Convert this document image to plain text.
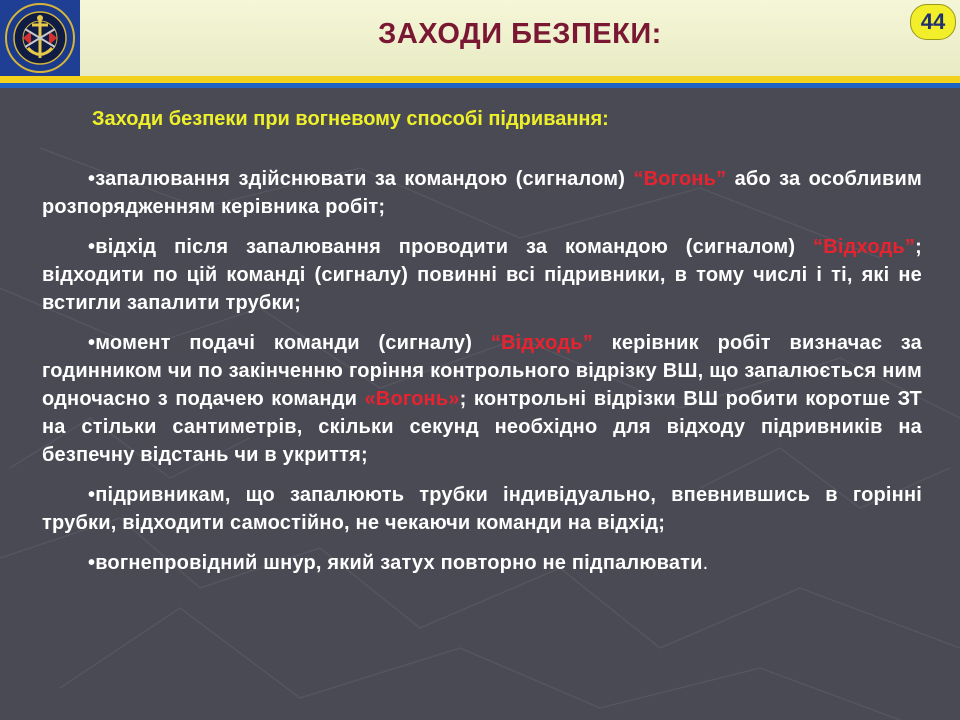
ЗАХОДИ БЕЗПЕКИ:	44
Заходи безпеки при вогневому способі підривання:

•запалювання здійснювати за командою (сигналом) “Вогонь” або за особливим розпорядженням керівника робіт;

•відхід після запалювання проводити за командою (сигналом) “Відходь”; відходити по цій команді (сигналу) повинні всі підривники, в тому числі і ті, які не встигли запалити трубки;

•момент подачі команди (сигналу) “Відходь” керівник робіт визначає за годинником чи по закінченню горіння контрольного відрізку ВШ, що запалюється ним одночасно з подачею команди «Вогонь»; контрольні відрізки ВШ робити коротше ЗТ на стільки сантиметрів, скільки секунд необхідно для відходу підривників на безпечну відстань чи в укриття;

•підривникам, що запалюють трубки індивідуально, впевнившись в горінні трубки, відходити самостійно, не чекаючи команди на відхід;

•вогнепровідний шнур, який затух повторно не підпалювати.
